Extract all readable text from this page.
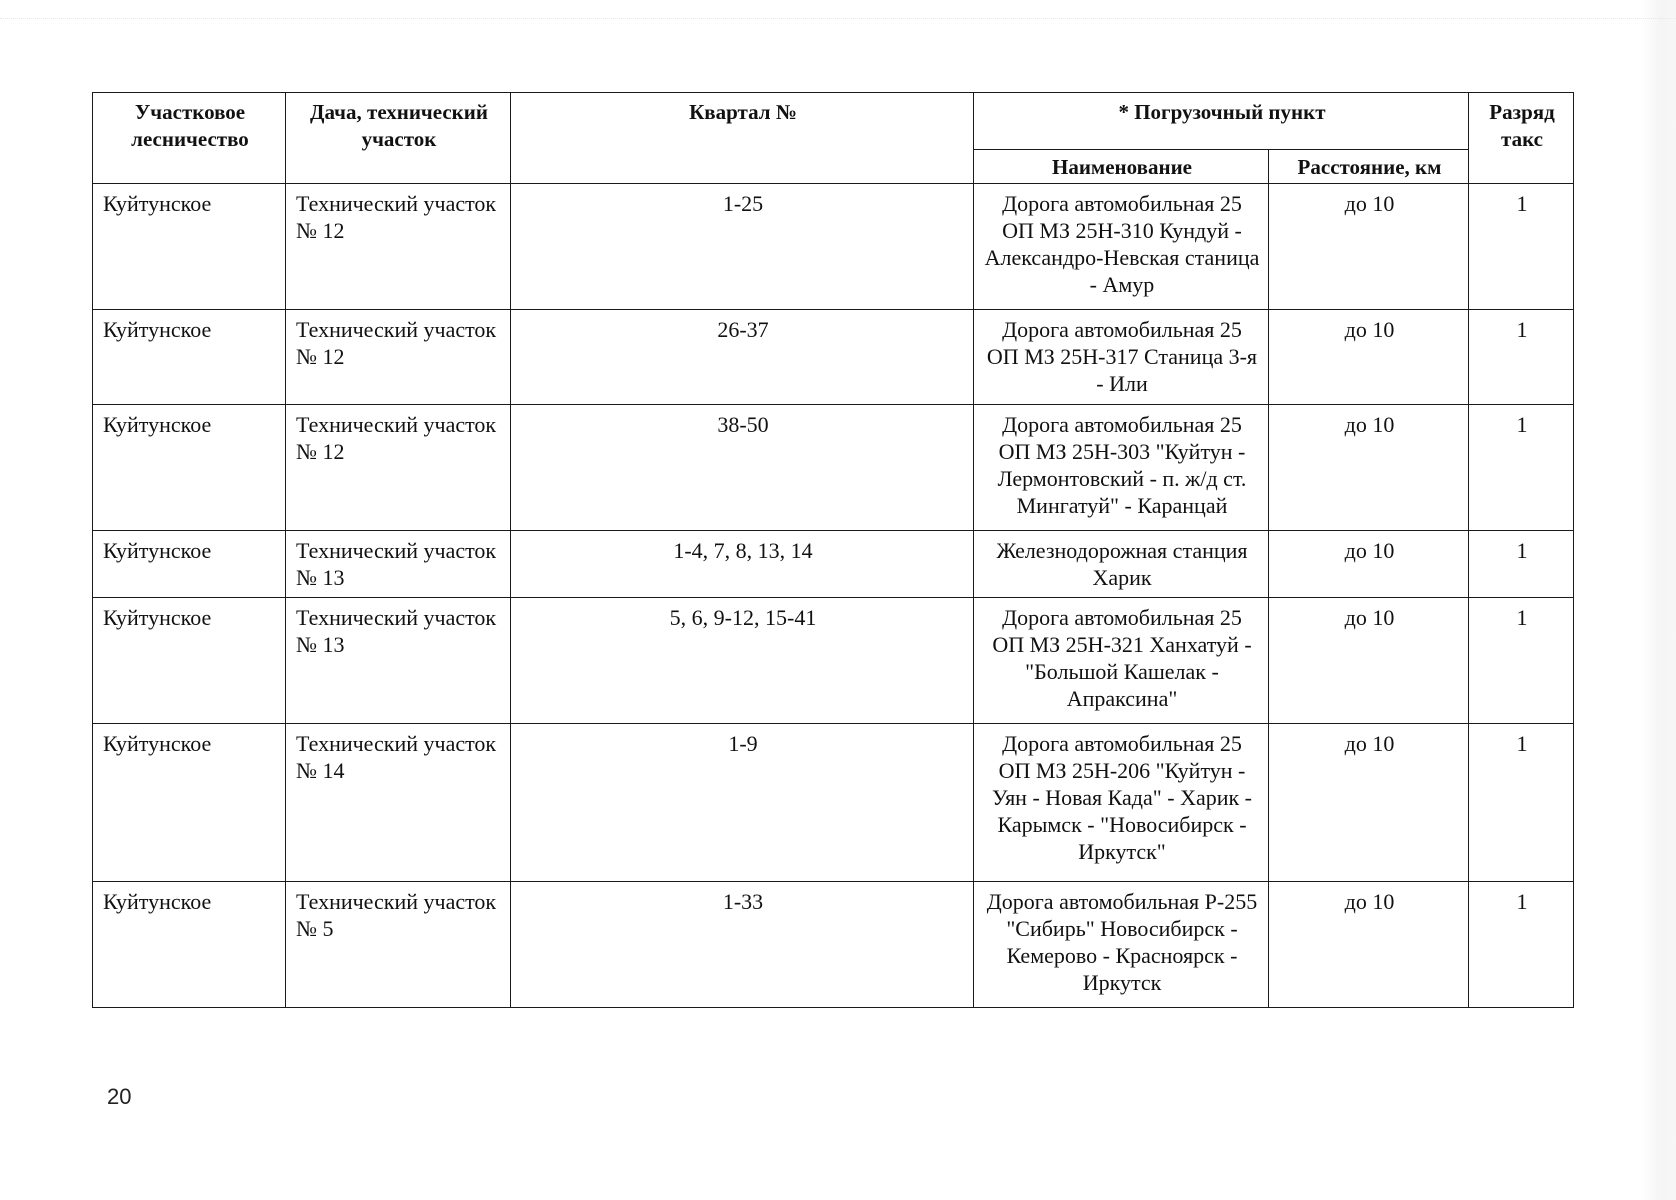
Участковое лесничество	Дача, технический участок	Квартал №	* Погрузочный пункт		Разряд такс
			Наименование	Расстояние, км	
Куйтунское	Технический участок № 12	1-25	Дорога автомобильная 25 ОП МЗ 25Н-310 Кундуй - Александро-Невская станица - Амур	до 10	1
Куйтунское	Технический участок № 12	26-37	Дорога автомобильная 25 ОП МЗ 25Н-317 Станица 3-я - Или	до 10	1
Куйтунское	Технический участок № 12	38-50	Дорога автомобильная 25 ОП МЗ 25Н-303 "Куйтун - Лермонтовский - п. ж/д ст. Мингатуй" - Каранцай	до 10	1
Куйтунское	Технический участок № 13	1-4, 7, 8, 13, 14	Железнодорожная станция Харик	до 10	1
Куйтунское	Технический участок № 13	5, 6, 9-12, 15-41	Дорога автомобильная 25 ОП МЗ 25Н-321 Ханхатуй - "Большой Кашелак - Апраксина"	до 10	1
Куйтунское	Технический участок № 14	1-9	Дорога автомобильная 25 ОП МЗ 25Н-206 "Куйтун - Уян - Новая Када" - Харик - Карымск - "Новосибирск - Иркутск"	до 10	1
Куйтунское	Технический участок № 5	1-33	Дорога автомобильная Р-255 "Сибирь" Новосибирск - Кемерово - Красноярск - Иркутск	до 10	1
20
